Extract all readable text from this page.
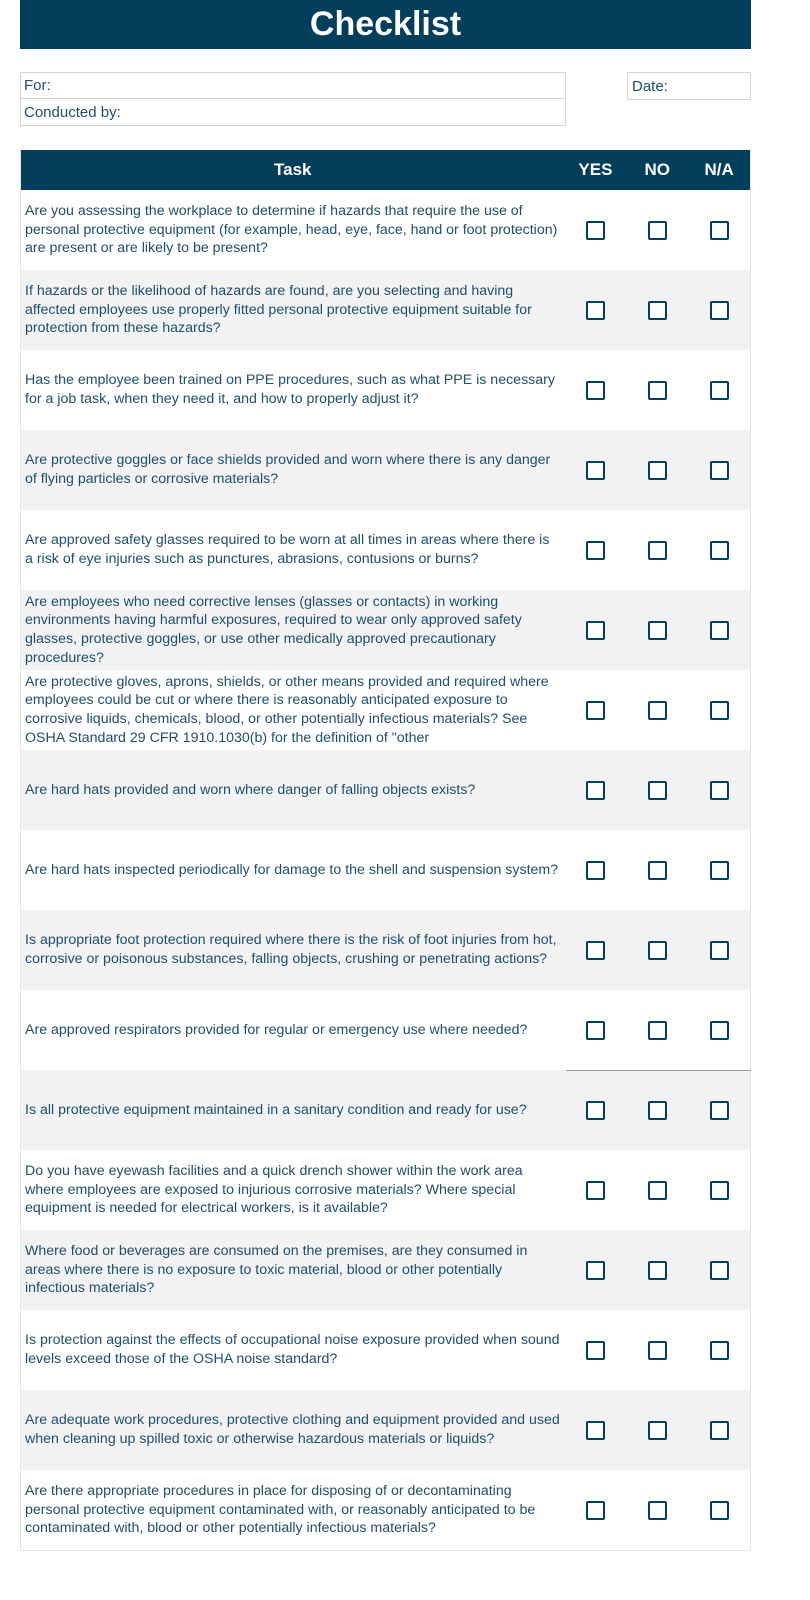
Checklist
For:
Conducted by:
Date:
Task	YES	NO	N/A
Are you assessing the workplace to determine if hazards that require the use of personal protective equipment (for example, head, eye, face, hand or foot protection) are present or are likely to be present?
If hazards or the likelihood of hazards are found, are you selecting and having affected employees use properly fitted personal protective equipment suitable for protection from these hazards?
Has the employee been trained on PPE procedures, such as what PPE is necessary for a job task, when they need it, and how to properly adjust it?
Are protective goggles or face shields provided and worn where there is any danger of flying particles or corrosive materials?
Are approved safety glasses required to be worn at all times in areas where there is a risk of eye injuries such as punctures, abrasions, contusions or burns?
Are employees who need corrective lenses (glasses or contacts) in working environments having harmful exposures, required to wear only approved safety glasses, protective goggles, or use other medically approved precautionary procedures?
Are protective gloves, aprons, shields, or other means provided and required where employees could be cut or where there is reasonably anticipated exposure to corrosive liquids, chemicals, blood, or other potentially infectious materials? See OSHA Standard 29 CFR 1910.1030(b) for the definition of "other
Are hard hats provided and worn where danger of falling objects exists?
Are hard hats inspected periodically for damage to the shell and suspension system?
Is appropriate foot protection required where there is the risk of foot injuries from hot, corrosive or poisonous substances, falling objects, crushing or penetrating actions?
Are approved respirators provided for regular or emergency use where needed?
Is all protective equipment maintained in a sanitary condition and ready for use?
Do you have eyewash facilities and a quick drench shower within the work area where employees are exposed to injurious corrosive materials? Where special equipment is needed for electrical workers, is it available?
Where food or beverages are consumed on the premises, are they consumed in areas where there is no exposure to toxic material, blood or other potentially infectious materials?
Is protection against the effects of occupational noise exposure provided when sound levels exceed those of the OSHA noise standard?
Are adequate work procedures, protective clothing and equipment provided and used when cleaning up spilled toxic or otherwise hazardous materials or liquids?
Are there appropriate procedures in place for disposing of or decontaminating personal protective equipment contaminated with, or reasonably anticipated to be contaminated with, blood or other potentially infectious materials?
